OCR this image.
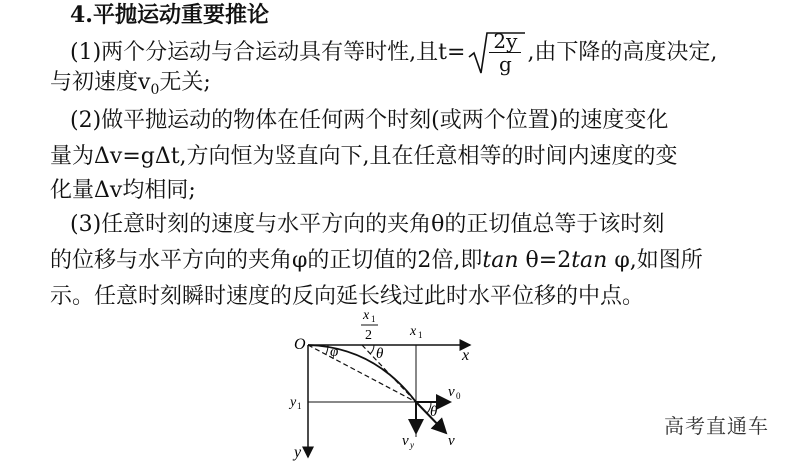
4.平抛运动重要推论
(1)两个分运动与合运动具有等时性,且$t= \frac{2y}{g}$ ,由下降的高度决定,
与初速度$v_0$无关;
(2)做平抛运动的物体在任何两个时刻(或两个位置)的速度变化
量为Δv=gΔt,方向恒为竖直向下,且在任意相等的时间内速度的变
化量Δv均相同;
(3)任意时刻的速度与水平方向的夹角θ的正切值总等于该时刻
的位移与水平方向的夹角φ的正切值的2倍,即tan θ=2tan φ,如图所
示。任意时刻瞬时速度的反向延长线过此时水平位移的中点。
O
x
y
x 1
2	x 1
y 1
φ	θ
θ
v 0
v y v
高考直通车
